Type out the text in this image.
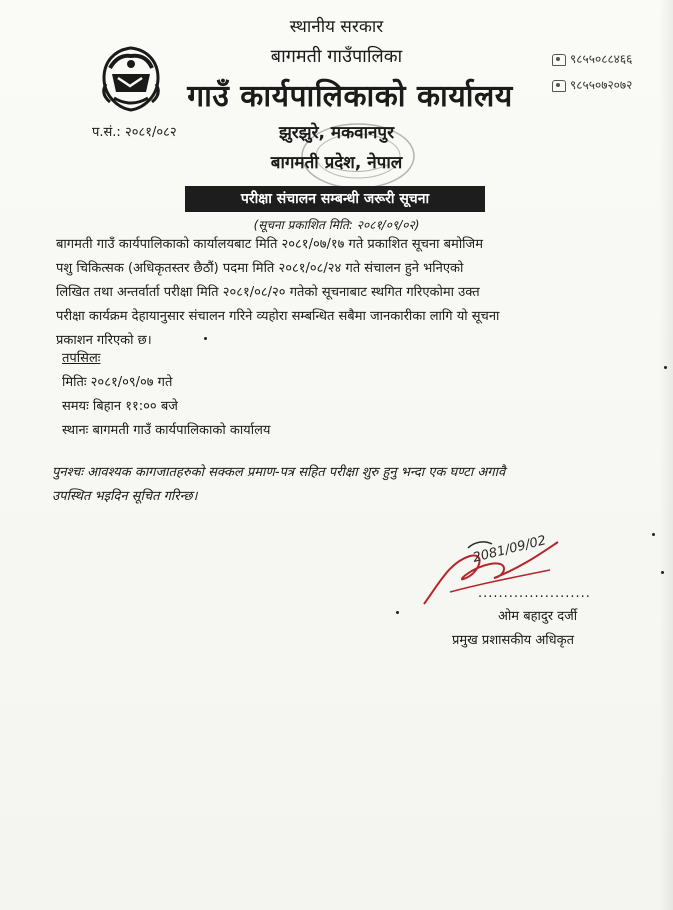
स्थानीय सरकार
बागमती गाउँपालिका
गाउँ कार्यपालिकाको कार्यालय
झुरझुरे, मकवानपुर
बागमती प्रदेश, नेपाल
प.सं.: २०८१/०८२
९८५५०८८४६६
९८५५०७२०७२
परीक्षा संचालन सम्बन्धी जरूरी सूचना
(सूचना प्रकाशित मिति: २०८१/०९/०२)
बागमती गाउँ कार्यपालिकाको कार्यालयबाट मिति २०८१/०७/१७ गते प्रकाशित सूचना बमोजिम
पशु चिकित्सक (अधिकृतस्तर छैठौं) पदमा मिति २०८१/०८/२४ गते संचालन हुने भनिएको
लिखित तथा अन्तर्वार्ता परीक्षा मिति २०८१/०८/२० गतेको सूचनाबाट स्थगित गरिएकोमा उक्त
परीक्षा कार्यक्रम देहायानुसार संचालन गरिने व्यहोरा सम्बन्धित सबैमा जानकारीका लागि यो सूचना
प्रकाशन गरिएको छ।
तपसिलः
मितिः २०८१/०९/०७ गते
समयः बिहान ११:०० बजे
स्थानः बागमती गाउँ कार्यपालिकाको कार्यालय
पुनश्चः आवश्यक कागजातहरुको सक्कल प्रमाण-पत्र सहित परीक्षा शुरु हुनु भन्दा एक घण्टा अगावै
उपस्थित भइदिन सूचित गरिन्छ।
2081/09/02
......................
ओम बहादुर दर्जी
प्रमुख प्रशासकीय अधिकृत
